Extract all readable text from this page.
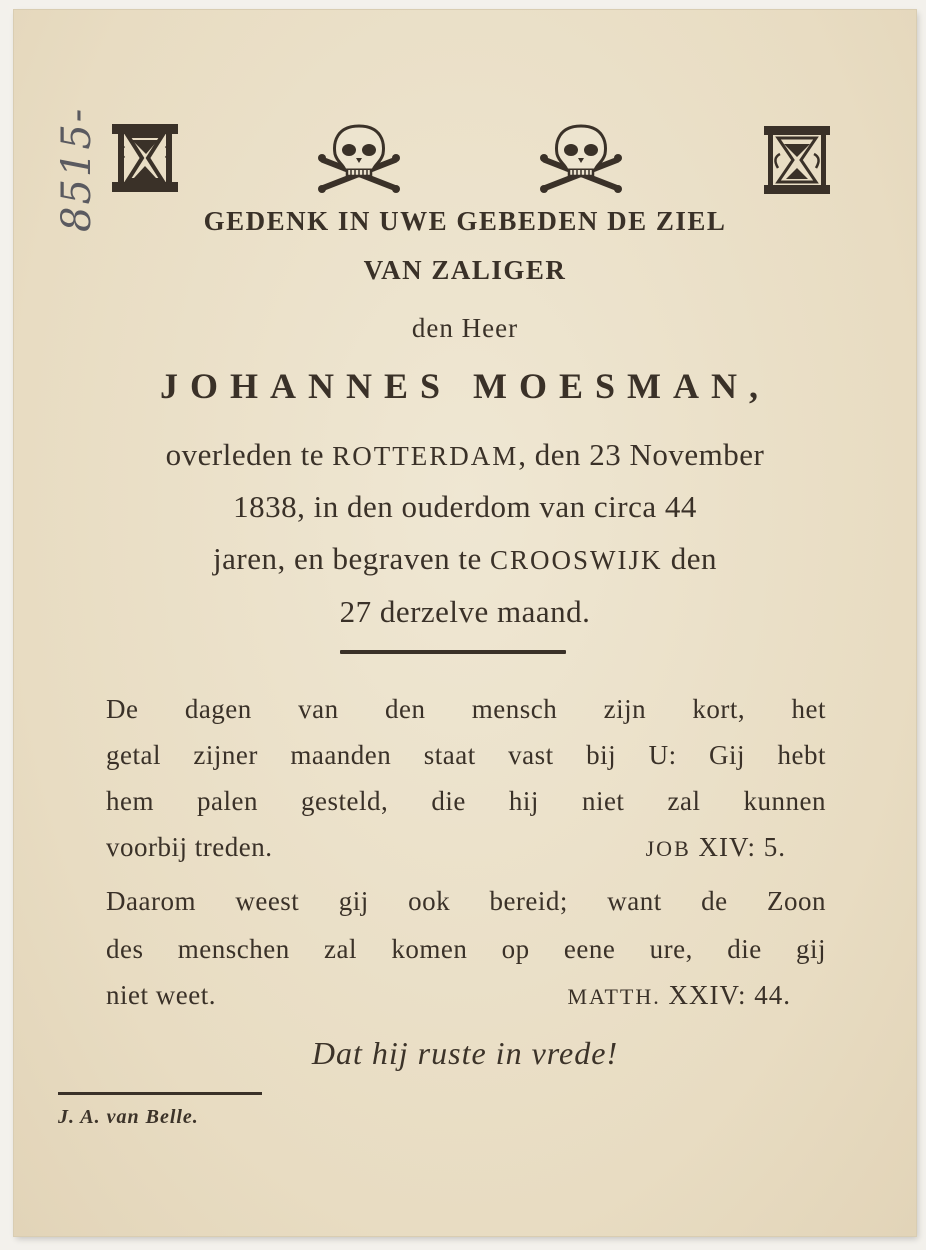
8515-	GEDENK IN UWE GEBEDEN DE ZIEL
VAN ZALIGER
den Heer
JOHANNES MOESMAN,
overleden te ROTTERDAM, den 23 November
1838, in den ouderdom van circa 44
jaren, en begraven te CROOSWIJK den
27 derzelve maand.
De dagen van den mensch zijn kort, het
getal zijner maanden staat vast bij U: Gij hebt
hem palen gesteld, die hij niet zal kunnen
voorbij treden.	JOB XIV: 5.
Daarom weest gij ook bereid; want de Zoon
des menschen zal komen op eene ure, die gij
niet weet.	MATTH. XXIV: 44.
Dat hij ruste in vrede!
J. A. van Belle.
